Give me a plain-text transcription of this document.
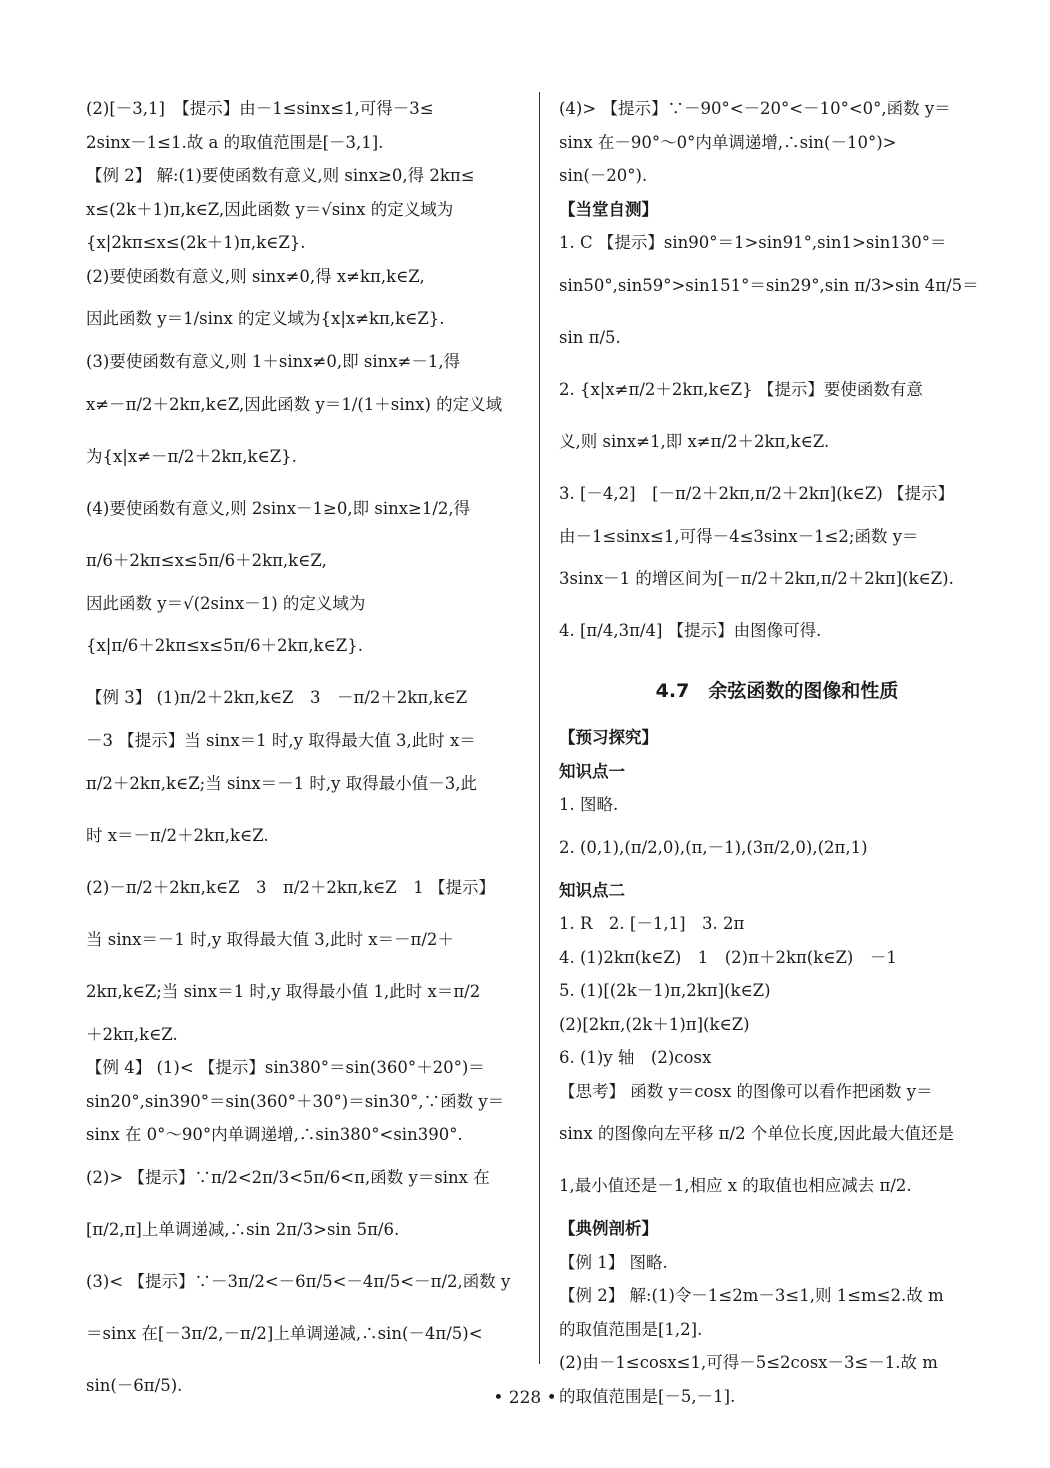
(2)[－3,1]　【提示】由－1≤sinx≤1,可得－3≤
2sinx－1≤1.故 a 的取值范围是[－3,1].
【例 2】 解:(1)要使函数有意义,则 sinx≥0,得 2kπ≤
x≤(2k＋1)π,k∈Z,因此函数 y＝√sinx 的定义域为
{x|2kπ≤x≤(2k＋1)π,k∈Z}.
(2)要使函数有意义,则 sinx≠0,得 x≠kπ,k∈Z,
因此函数 y＝1/sinx 的定义域为{x|x≠kπ,k∈Z}.
(3)要使函数有意义,则 1＋sinx≠0,即 sinx≠－1,得
x≠－π/2＋2kπ,k∈Z,因此函数 y＝1/(1＋sinx) 的定义域
为{x|x≠－π/2＋2kπ,k∈Z}.
(4)要使函数有意义,则 2sinx－1≥0,即 sinx≥1/2,得
π/6＋2kπ≤x≤5π/6＋2kπ,k∈Z,
因此函数 y＝√(2sinx－1) 的定义域为
{x|π/6＋2kπ≤x≤5π/6＋2kπ,k∈Z}.
【例 3】 (1)π/2＋2kπ,k∈Z　3　－π/2＋2kπ,k∈Z
－3 【提示】当 sinx＝1 时,y 取得最大值 3,此时 x＝
π/2＋2kπ,k∈Z;当 sinx＝－1 时,y 取得最小值－3,此
时 x＝－π/2＋2kπ,k∈Z.
(2)－π/2＋2kπ,k∈Z　3　π/2＋2kπ,k∈Z　1 【提示】
当 sinx＝－1 时,y 取得最大值 3,此时 x＝－π/2＋
2kπ,k∈Z;当 sinx＝1 时,y 取得最小值 1,此时 x＝π/2
＋2kπ,k∈Z.
【例 4】 (1)< 【提示】sin380°＝sin(360°＋20°)＝
sin20°,sin390°＝sin(360°＋30°)＝sin30°,∵函数 y＝
sinx 在 0°～90°内单调递增,∴sin380°<sin390°.
(2)> 【提示】∵π/2<2π/3<5π/6<π,函数 y＝sinx 在
[π/2,π]上单调递减,∴sin 2π/3>sin 5π/6.
(3)< 【提示】∵－3π/2<－6π/5<－4π/5<－π/2,函数 y
＝sinx 在[－3π/2,－π/2]上单调递减,∴sin(－4π/5)<
sin(－6π/5).
(4)> 【提示】∵－90°<－20°<－10°<0°,函数 y＝
sinx 在－90°～0°内单调递增,∴sin(－10°)>
sin(－20°).
【当堂自测】
1. C 【提示】sin90°＝1>sin91°,sin1>sin130°＝
sin50°,sin59°>sin151°＝sin29°,sin π/3>sin 4π/5＝
sin π/5.
2. {x|x≠π/2＋2kπ,k∈Z} 【提示】要使函数有意
义,则 sinx≠1,即 x≠π/2＋2kπ,k∈Z.
3. [－4,2]　[－π/2＋2kπ,π/2＋2kπ](k∈Z) 【提示】
由－1≤sinx≤1,可得－4≤3sinx－1≤2;函数 y＝
3sinx－1 的增区间为[－π/2＋2kπ,π/2＋2kπ](k∈Z).
4. [π/4,3π/4] 【提示】由图像可得.
4.7　余弦函数的图像和性质
【预习探究】
知识点一
1. 图略.
2. (0,1),(π/2,0),(π,－1),(3π/2,0),(2π,1)
知识点二
1. R　2. [－1,1]　3. 2π
4. (1)2kπ(k∈Z)　1　(2)π＋2kπ(k∈Z)　－1
5. (1)[(2k－1)π,2kπ](k∈Z)
(2)[2kπ,(2k＋1)π](k∈Z)
6. (1)y 轴　(2)cosx
【思考】 函数 y＝cosx 的图像可以看作把函数 y＝
sinx 的图像向左平移 π/2 个单位长度,因此最大值还是
1,最小值还是－1,相应 x 的取值也相应减去 π/2.
【典例剖析】
【例 1】 图略.
【例 2】 解:(1)令－1≤2m－3≤1,则 1≤m≤2.故 m
的取值范围是[1,2].
(2)由－1≤cosx≤1,可得－5≤2cosx－3≤－1.故 m
的取值范围是[－5,－1].
• 228 •
